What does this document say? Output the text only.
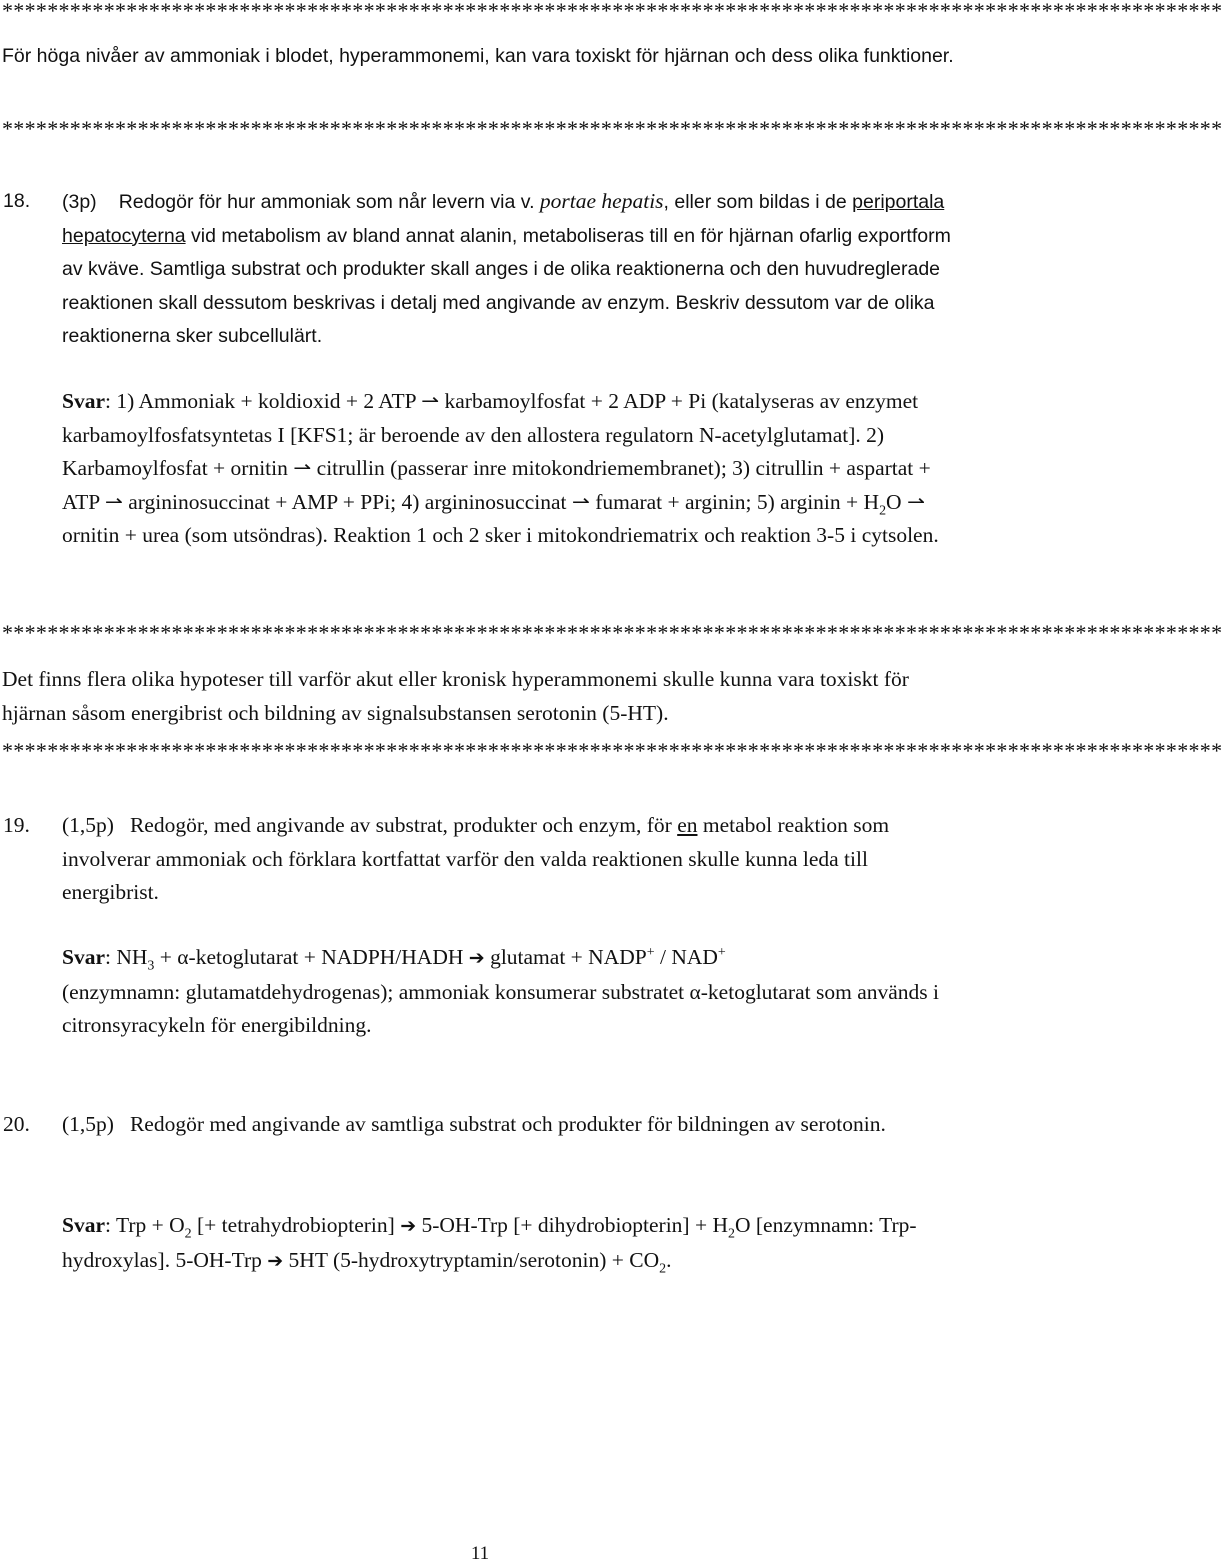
************************************************************************************************************
För höga nivåer av ammoniak i blodet, hyperammonemi, kan vara toxiskt för hjärnan och dess olika funktioner.
************************************************************************************************************
18. (3p) Redogör för hur ammoniak som når levern via v. portae hepatis, eller som bildas i de periportala hepatocyterna vid metabolism av bland annat alanin, metaboliseras till en för hjärnan ofarlig exportform av kväve. Samtliga substrat och produkter skall anges i de olika reaktionerna och den huvudreglerade reaktionen skall dessutom beskrivas i detalj med angivande av enzym. Beskriv dessutom var de olika reaktionerna sker subcellulärt.
Svar: 1) Ammoniak + koldioxid + 2 ATP ⇀ karbamoylfosfat + 2 ADP + Pi (katalyseras av enzymet karbamoylfosfatsyntetas I [KFS1; är beroende av den allostera regulatorn N-acetylglutamat]. 2) Karbamoylfosfat + ornitin ⇀ citrullin (passerar inre mitokondriemembranet); 3) citrullin + aspartat + ATP ⇀ argininosuccinat + AMP + PPi; 4) argininosuccinat ⇀ fumarat + arginin; 5) arginin + $H_2O$ ⇀ ornitin + urea (som utsöndras). Reaktion 1 och 2 sker i mitokondriematrix och reaktion 3-5 i cytsolen.
************************************************************************************************************
Det finns flera olika hypoteser till varför akut eller kronisk hyperammonemi skulle kunna vara toxiskt för hjärnan såsom energibrist och bildning av signalsubstansen serotonin (5-HT).
************************************************************************************************************
19. (1,5p) Redogör, med angivande av substrat, produkter och enzym, för en metabol reaktion som involverar ammoniak och förklara kortfattat varför den valda reaktionen skulle kunna leda till energibrist.
Svar: $NH_3$ + α-ketoglutarat + NADPH/HADH ➔ glutamat + NADP+ / NAD+
(enzymnamn: glutamatdehydrogenas); ammoniak konsumerar substratet α-ketoglutarat som används i citronsyracykeln för energibildning.
20. (1,5p) Redogör med angivande av samtliga substrat och produkter för bildningen av serotonin.
Svar: Trp + $O_2$ [+ tetrahydrobiopterin] ➔ 5-OH-Trp [+ dihydrobiopterin] + $H_2O$ [enzymnamn: Trp-hydroxylas]. 5-OH-Trp ➔ 5HT (5-hydroxytryptamin/serotonin) + $CO_2$.
11
